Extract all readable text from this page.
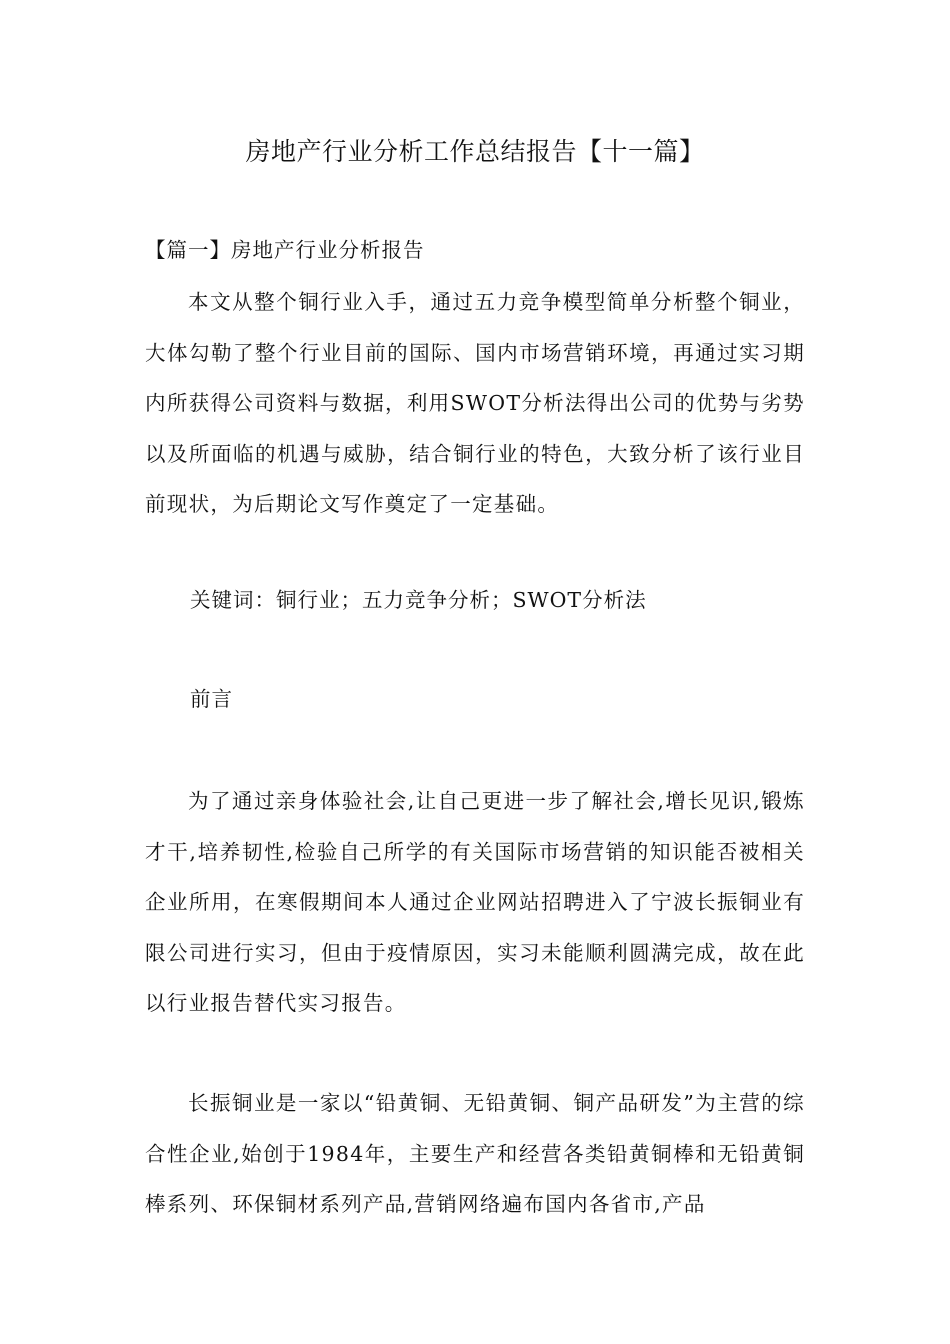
房地产行业分析工作总结报告【十一篇】
【篇一】房地产行业分析报告
本文从整个铜行业入手，通过五力竞争模型简单分析整个铜业，大体勾勒了整个行业目前的国际、国内市场营销环境，再通过实习期内所获得公司资料与数据，利用SWOT分析法得出公司的优势与劣势以及所面临的机遇与威胁，结合铜行业的特色，大致分析了该行业目前现状，为后期论文写作奠定了一定基础。
关键词：铜行业；五力竞争分析；SWOT分析法
前言
为了通过亲身体验社会,让自己更进一步了解社会,增长见识,锻炼才干,培养韧性,检验自己所学的有关国际市场营销的知识能否被相关企业所用，在寒假期间本人通过企业网站招聘进入了宁波长振铜业有限公司进行实习，但由于疫情原因，实习未能顺利圆满完成，故在此以行业报告替代实习报告。
长振铜业是一家以“铅黄铜、无铅黄铜、铜产品研发”为主营的综合性企业,始创于1984年，主要生产和经营各类铅黄铜棒和无铅黄铜棒系列、环保铜材系列产品,营销网络遍布国内各省市,产品
